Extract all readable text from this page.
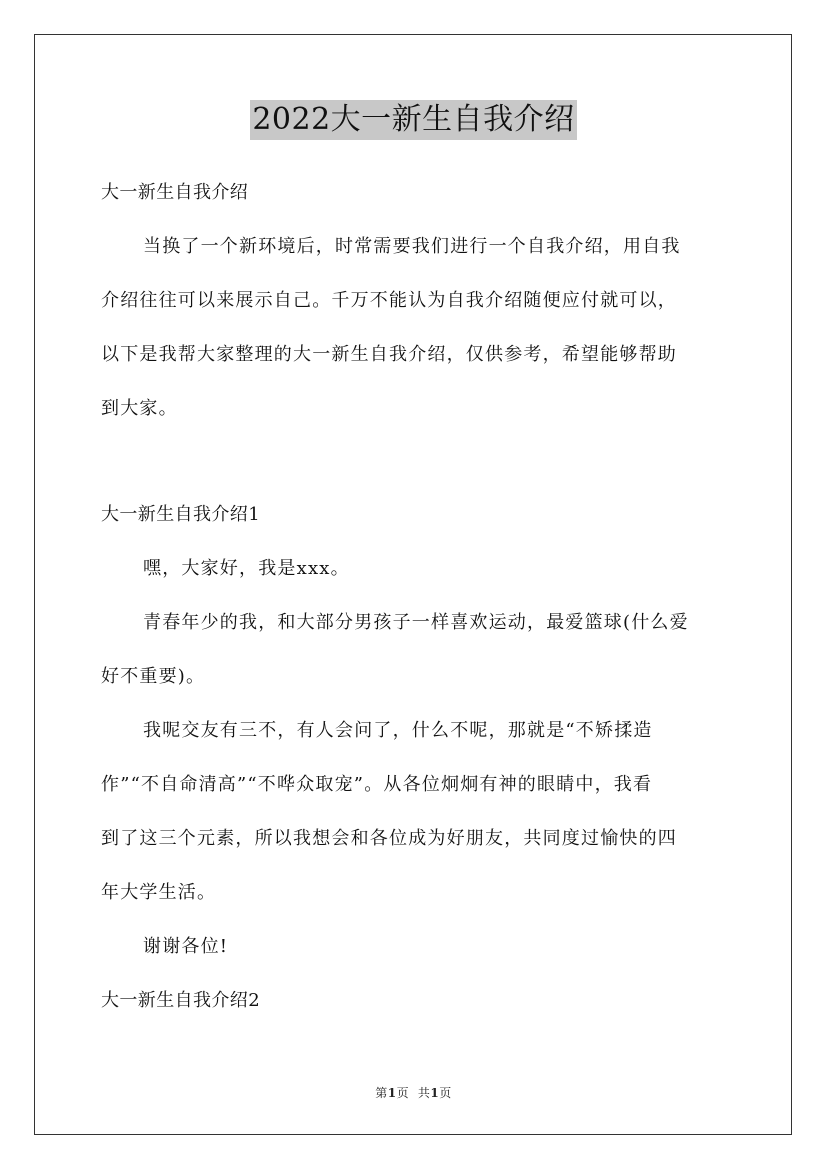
2022大一新生自我介绍
大一新生自我介绍
当换了一个新环境后，时常需要我们进行一个自我介绍，用自我
介绍往往可以来展示自己。千万不能认为自我介绍随便应付就可以，
以下是我帮大家整理的大一新生自我介绍，仅供参考，希望能够帮助
到大家。
大一新生自我介绍1
嘿，大家好，我是xxx。
青春年少的我，和大部分男孩子一样喜欢运动，最爱篮球(什么爱
好不重要)。
我呢交友有三不，有人会问了，什么不呢，那就是“不矫揉造
作”“不自命清高”“不哗众取宠”。从各位炯炯有神的眼睛中，我看
到了这三个元素，所以我想会和各位成为好朋友，共同度过愉快的四
年大学生活。
谢谢各位!
大一新生自我介绍2
第1页 共1页
